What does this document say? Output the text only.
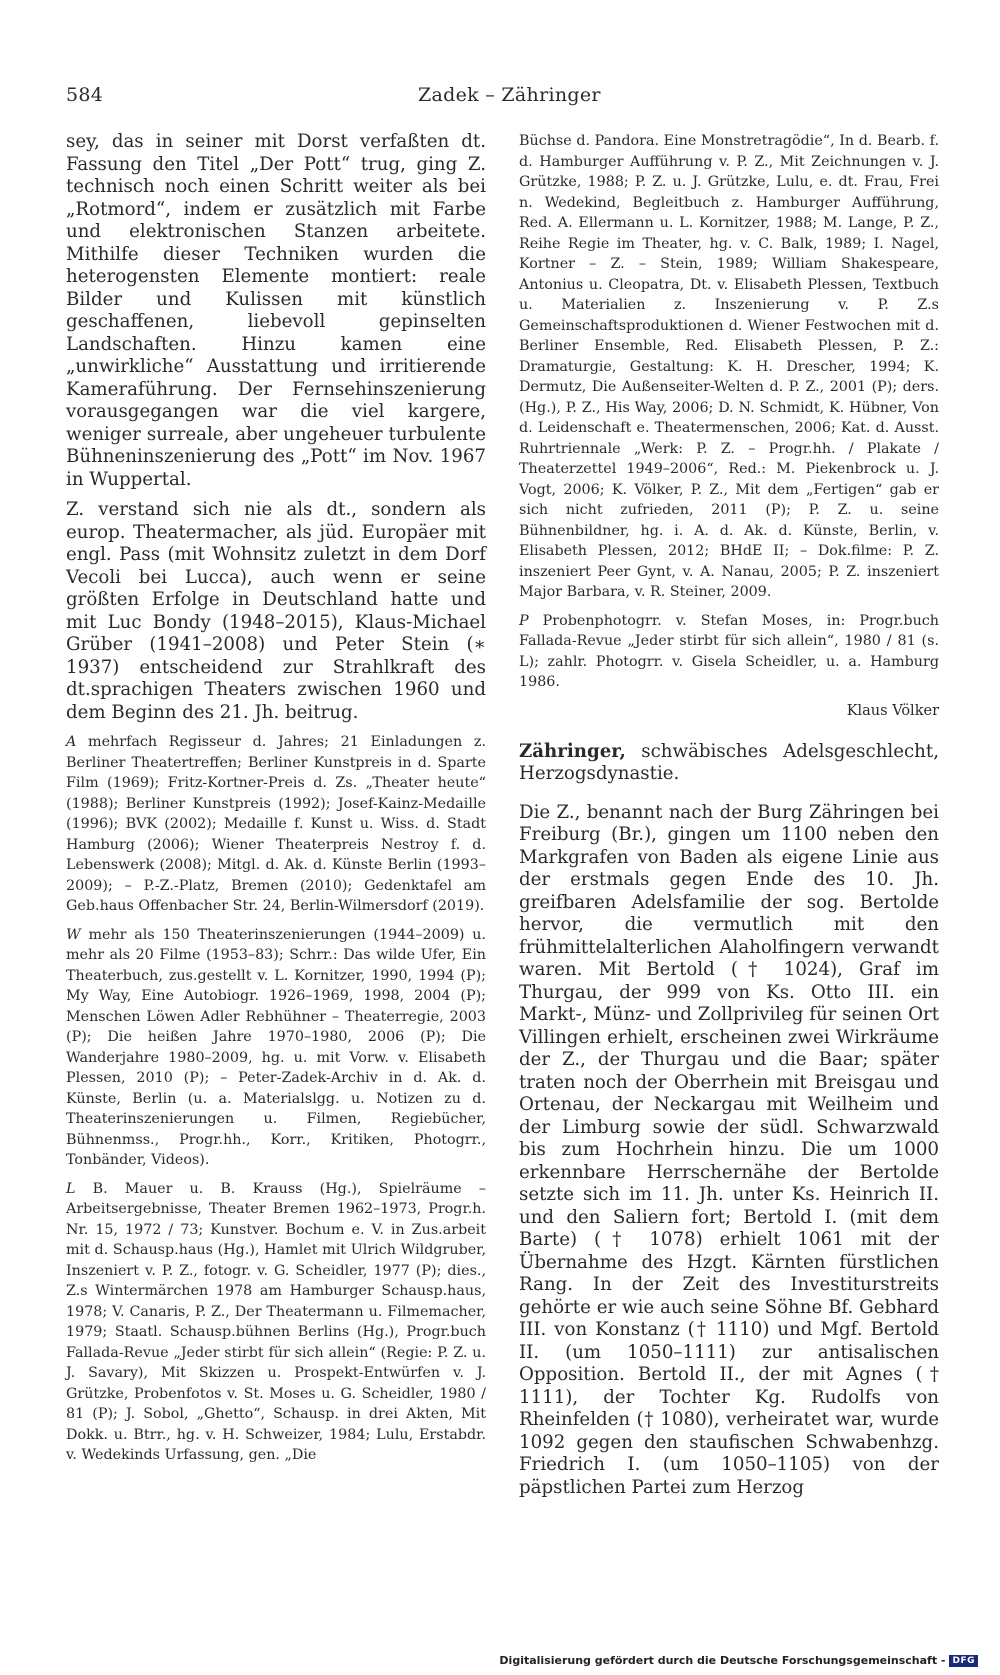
584	Zadek – Zähringer

sey, das in seiner mit Dorst verfaßten dt. Fassung den Titel „Der Pott“ trug, ging Z. technisch noch einen Schritt weiter als bei „Rotmord“, indem er zusätzlich mit Farbe und elektronischen Stanzen arbeitete. Mithilfe dieser Techniken wurden die heterogensten Elemente montiert: reale Bilder und Kulissen mit künstlich geschaffenen, liebevoll gepinselten Landschaften. Hinzu kamen eine „unwirkliche“ Ausstattung und irritierende Kameraführung. Der Fernsehinszenierung vorausgegangen war die viel kargere, weniger surreale, aber ungeheuer turbulente Bühneninszenierung des „Pott“ im Nov. 1967 in Wuppertal.

Z. verstand sich nie als dt., sondern als europ. Theatermacher, als jüd. Europäer mit engl. Pass (mit Wohnsitz zuletzt in dem Dorf Vecoli bei Lucca), auch wenn er seine größten Erfolge in Deutschland hatte und mit Luc Bondy (1948–2015), Klaus-Michael Grüber (1941–2008) und Peter Stein (∗ 1937) entscheidend zur Strahlkraft des dt.sprachigen Theaters zwischen 1960 und dem Beginn des 21. Jh. beitrug.

A mehrfach Regisseur d. Jahres; 21 Einladungen z. Berliner Theatertreffen; Berliner Kunstpreis in d. Sparte Film (1969); Fritz-Kortner-Preis d. Zs. „Theater heute“ (1988); Berliner Kunstpreis (1992); Josef-Kainz-Medaille (1996); BVK (2002); Medaille f. Kunst u. Wiss. d. Stadt Hamburg (2006); Wiener Theaterpreis Nestroy f. d. Lebenswerk (2008); Mitgl. d. Ak. d. Künste Berlin (1993–2009); – P.-Z.-Platz, Bremen (2010); Gedenktafel am Geb.haus Offenbacher Str. 24, Berlin-Wilmersdorf (2019).

W mehr als 150 Theaterinszenierungen (1944–2009) u. mehr als 20 Filme (1953–83); Schrr.: Das wilde Ufer, Ein Theaterbuch, zus.gestellt v. L. Kornitzer, 1990, 1994 (P); My Way, Eine Autobiogr. 1926–1969, 1998, 2004 (P); Menschen Löwen Adler Rebhühner – Theaterregie, 2003 (P); Die heißen Jahre 1970–1980, 2006 (P); Die Wanderjahre 1980–2009, hg. u. mit Vorw. v. Elisabeth Plessen, 2010 (P); – Peter-Zadek-Archiv in d. Ak. d. Künste, Berlin (u. a. Materialslgg. u. Notizen zu d. Theaterinszenierungen u. Filmen, Regiebücher, Bühnenmss., Progr.hh., Korr., Kritiken, Photogrr., Tonbänder, Videos).

L B. Mauer u. B. Krauss (Hg.), Spielräume – Arbeitsergebnisse, Theater Bremen 1962–1973, Progr.h. Nr. 15, 1972 / 73; Kunstver. Bochum e. V. in Zus.arbeit mit d. Schausp.haus (Hg.), Hamlet mit Ulrich Wildgruber, Inszeniert v. P. Z., fotogr. v. G. Scheidler, 1977 (P); dies., Z.s Wintermärchen 1978 am Hamburger Schausp.haus, 1978; V. Canaris, P. Z., Der Theatermann u. Filmemacher, 1979; Staatl. Schausp.bühnen Berlins (Hg.), Progr.buch Fallada-Revue „Jeder stirbt für sich allein“ (Regie: P. Z. u. J. Savary), Mit Skizzen u. Prospekt-Entwürfen v. J. Grützke, Probenfotos v. St. Moses u. G. Scheidler, 1980 / 81 (P); J. Sobol, „Ghetto“, Schausp. in drei Akten, Mit Dokk. u. Btrr., hg. v. H. Schweizer, 1984; Lulu, Erstabdr. v. Wedekinds Urfassung, gen. „Die

Büchse d. Pandora. Eine Monstretragödie“, In d. Bearb. f. d. Hamburger Aufführung v. P. Z., Mit Zeichnungen v. J. Grützke, 1988; P. Z. u. J. Grützke, Lulu, e. dt. Frau, Frei n. Wedekind, Begleitbuch z. Hamburger Aufführung, Red. A. Ellermann u. L. Kornitzer, 1988; M. Lange, P. Z., Reihe Regie im Theater, hg. v. C. Balk, 1989; I. Nagel, Kortner – Z. – Stein, 1989; William Shakespeare, Antonius u. Cleopatra, Dt. v. Elisabeth Plessen, Textbuch u. Materialien z. Inszenierung v. P. Z.s Gemeinschaftsproduktionen d. Wiener Festwochen mit d. Berliner Ensemble, Red. Elisabeth Plessen, P. Z.: Dramaturgie, Gestaltung: K. H. Drescher, 1994; K. Dermutz, Die Außenseiter-Welten d. P. Z., 2001 (P); ders. (Hg.), P. Z., His Way, 2006; D. N. Schmidt, K. Hübner, Von d. Leidenschaft e. Theatermenschen, 2006; Kat. d. Ausst. Ruhrtriennale „Werk: P. Z. – Progr.hh. / Plakate / Theaterzettel 1949–2006“, Red.: M. Piekenbrock u. J. Vogt, 2006; K. Völker, P. Z., Mit dem „Fertigen“ gab er sich nicht zufrieden, 2011 (P); P. Z. u. seine Bühnenbildner, hg. i. A. d. Ak. d. Künste, Berlin, v. Elisabeth Plessen, 2012; BHdE II; – Dok.filme: P. Z. inszeniert Peer Gynt, v. A. Nanau, 2005; P. Z. inszeniert Major Barbara, v. R. Steiner, 2009.

P Probenphotogrr. v. Stefan Moses, in: Progr.buch Fallada-Revue „Jeder stirbt für sich allein“, 1980 / 81 (s. L); zahlr. Photogrr. v. Gisela Scheidler, u. a. Hamburg 1986.

Klaus Völker

Zähringer, schwäbisches Adelsgeschlecht, Herzogsdynastie.

Die Z., benannt nach der Burg Zähringen bei Freiburg (Br.), gingen um 1100 neben den Markgrafen von Baden als eigene Linie aus der erstmals gegen Ende des 10. Jh. greifbaren Adelsfamilie der sog. Bertolde hervor, die vermutlich mit den frühmittelalterlichen Alaholfingern verwandt waren. Mit Bertold († 1024), Graf im Thurgau, der 999 von Ks. Otto III. ein Markt-, Münz- und Zollprivileg für seinen Ort Villingen erhielt, erscheinen zwei Wirkräume der Z., der Thurgau und die Baar; später traten noch der Oberrhein mit Breisgau und Ortenau, der Neckargau mit Weilheim und der Limburg sowie der südl. Schwarzwald bis zum Hochrhein hinzu. Die um 1000 erkennbare Herrschernähe der Bertolde setzte sich im 11. Jh. unter Ks. Heinrich II. und den Saliern fort; Bertold I. (mit dem Barte) († 1078) erhielt 1061 mit der Übernahme des Hzgt. Kärnten fürstlichen Rang. In der Zeit des Investiturstreits gehörte er wie auch seine Söhne Bf. Gebhard III. von Konstanz († 1110) und Mgf. Bertold II. (um 1050–1111) zur antisalischen Opposition. Bertold II., der mit Agnes († 1111), der Tochter Kg. Rudolfs von Rheinfelden († 1080), verheiratet war, wurde 1092 gegen den staufischen Schwabenhzg. Friedrich I. (um 1050–1105) von der päpstlichen Partei zum Herzog

Digitalisierung gefördert durch die Deutsche Forschungsgemeinschaft - DFG
